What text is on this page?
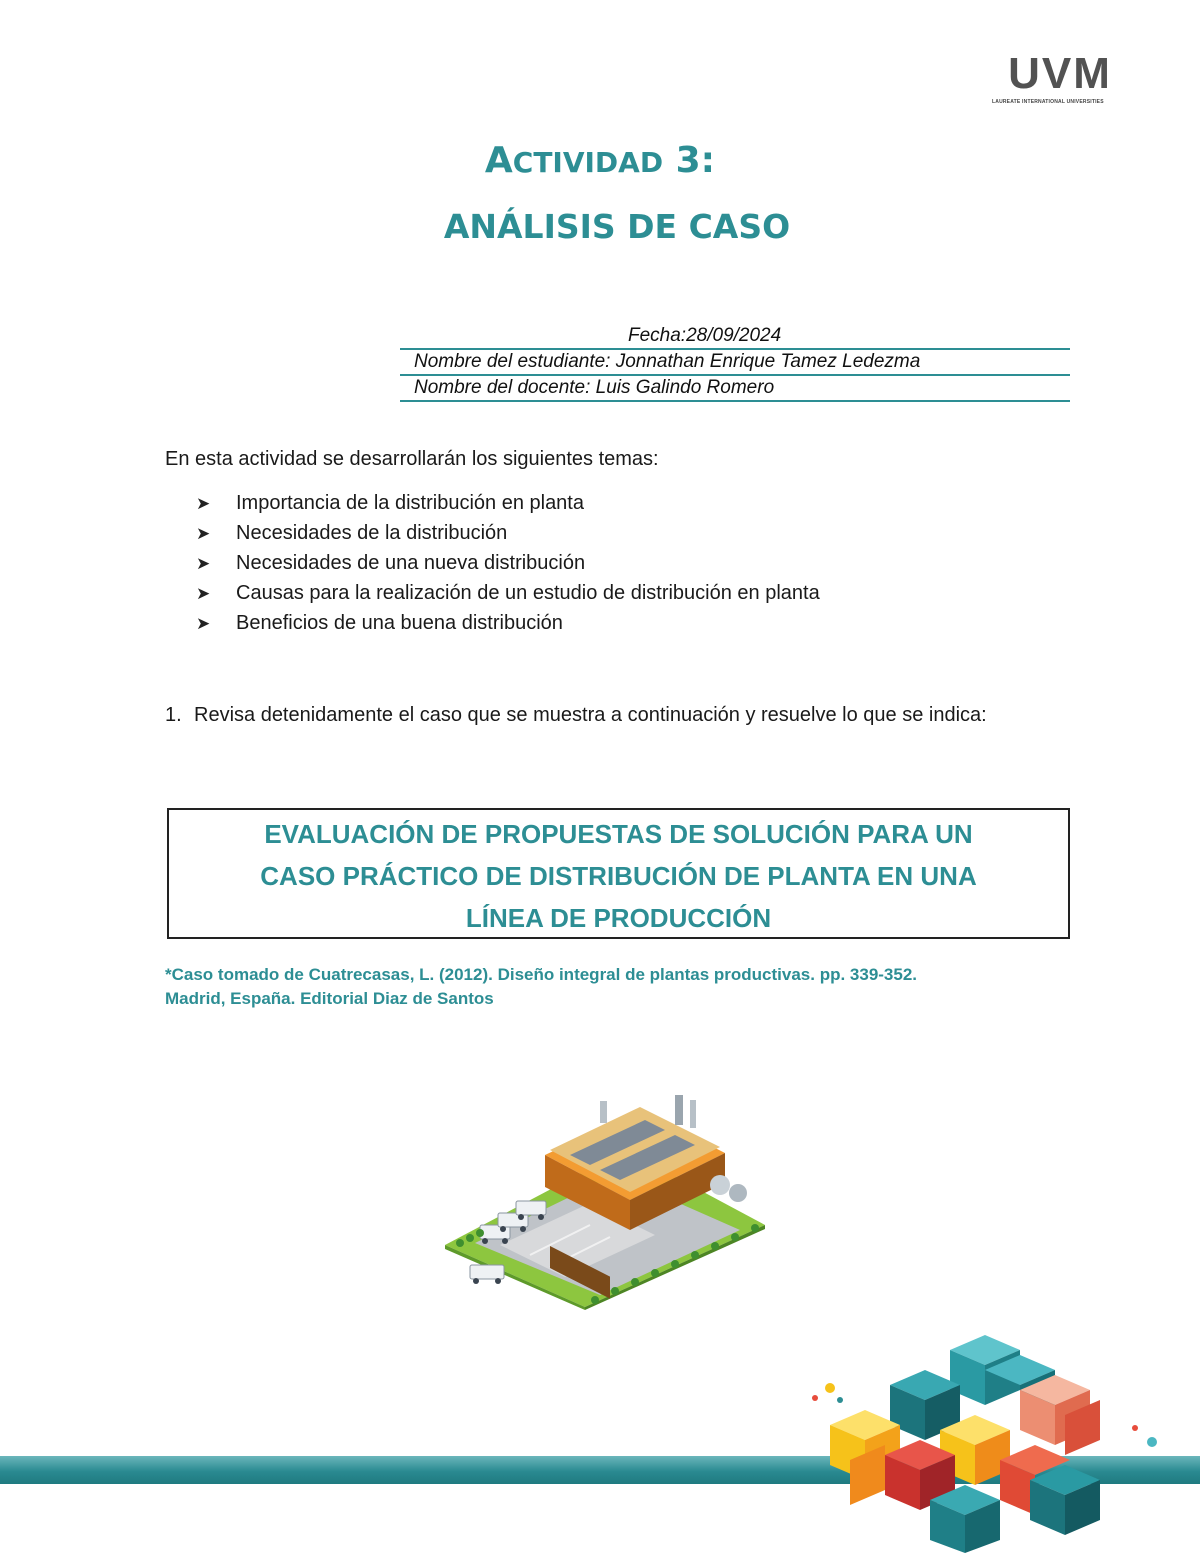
UVM
LAUREATE INTERNATIONAL UNIVERSITIES
ACTIVIDAD 3:
ANÁLISIS DE CASO
Fecha:28/09/2024
Nombre del estudiante: Jonnathan Enrique Tamez Ledezma
Nombre del docente: Luis Galindo Romero
En esta actividad se desarrollarán los siguientes temas:
➤ Importancia de la distribución en planta
➤ Necesidades de la distribución
➤ Necesidades de una nueva distribución
➤ Causas para la realización de un estudio de distribución en planta
➤ Beneficios de una buena distribución
1. Revisa detenidamente el caso que se muestra a continuación y resuelve lo que se indica:
EVALUACIÓN DE PROPUESTAS DE SOLUCIÓN PARA UN
CASO PRÁCTICO DE DISTRIBUCIÓN DE PLANTA EN UNA
LÍNEA DE PRODUCCIÓN
*Caso tomado de Cuatrecasas, L. (2012). Diseño integral de plantas productivas. pp. 339-352.
Madrid, España. Editorial Diaz de Santos
